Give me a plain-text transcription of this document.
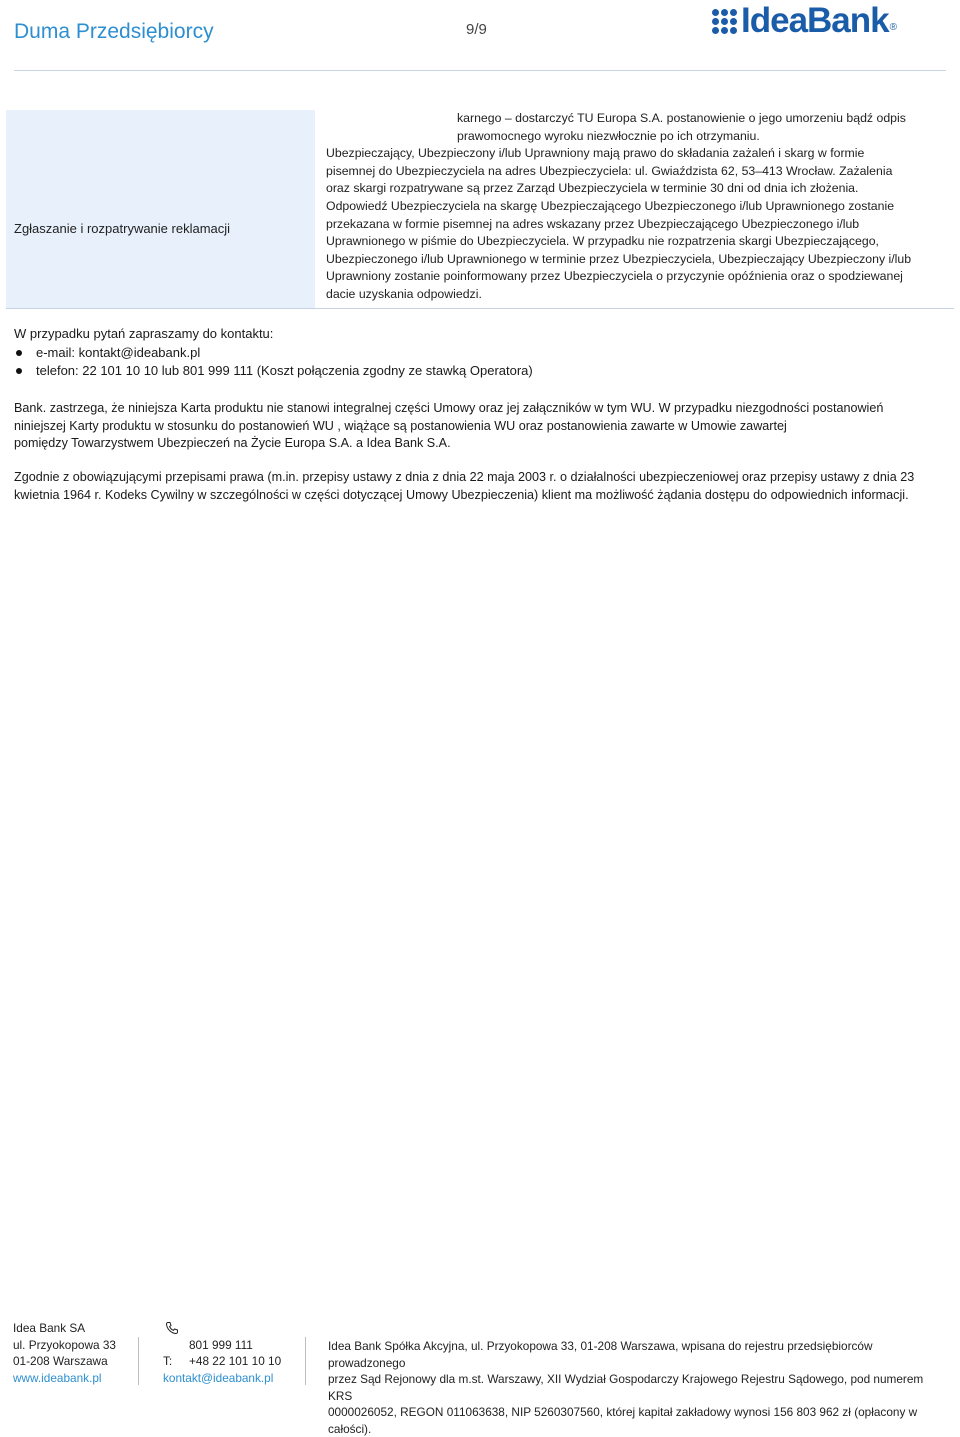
Duma Przedsiębiorcy	9/9	IdeaBank ®
Zgłaszanie i rozpatrywanie reklamacji

karnego – dostarczyć TU Europa S.A. postanowienie o jego umorzeniu bądź odpis

prawomocnego wyroku niezwłocznie po ich otrzymaniu.

Ubezpieczający, Ubezpieczony i/lub Uprawniony mają prawo do składania zażaleń i skarg w formie

pisemnej do Ubezpieczyciela na adres Ubezpieczyciela: ul. Gwiaździsta 62, 53–413 Wrocław. Zażalenia

oraz skargi rozpatrywane są przez Zarząd Ubezpieczyciela w terminie 30 dni od dnia ich złożenia.

Odpowiedź Ubezpieczyciela na skargę Ubezpieczającego Ubezpieczonego i/lub Uprawnionego zostanie

przekazana w formie pisemnej na adres wskazany przez Ubezpieczającego Ubezpieczonego i/lub

Uprawnionego w piśmie do Ubezpieczyciela. W przypadku nie rozpatrzenia skargi Ubezpieczającego,

Ubezpieczonego i/lub Uprawnionego w terminie przez Ubezpieczyciela, Ubezpieczający Ubezpieczony i/lub

Uprawniony zostanie poinformowany przez Ubezpieczyciela o przyczynie opóźnienia oraz o spodziewanej

dacie uzyskania odpowiedzi.

W przypadku pytań zapraszamy do kontaktu:
e-mail: kontakt@ideabank.pl
telefon: 22 101 10 10 lub 801 999 111 (Koszt połączenia zgodny ze stawką Operatora)

Bank. zastrzega, że niniejsza Karta produktu nie stanowi integralnej części Umowy oraz jej załączników w tym WU. W przypadku niezgodności postanowień

niniejszej Karty produktu w stosunku do postanowień WU , wiążące są postanowienia WU oraz postanowienia zawarte w Umowie zawartej

pomiędzy Towarzystwem Ubezpieczeń na Życie Europa S.A. a Idea Bank S.A.

Zgodnie z obowiązującymi przepisami prawa (m.in. przepisy ustawy z dnia z dnia 22 maja 2003 r. o działalności ubezpieczeniowej oraz przepisy ustawy z dnia 23

kwietnia 1964 r. Kodeks Cywilny w szczególności w części dotyczącej Umowy Ubezpieczenia) klient ma możliwość żądania dostępu do odpowiednich informacji.

Idea Bank SA
ul. Przyokopowa 33
01-208 Warszawa
www.ideabank.pl
801 999 111
T: +48 22 101 10 10
kontakt@ideabank.pl
Idea Bank Spółka Akcyjna, ul. Przyokopowa 33, 01-208 Warszawa, wpisana do rejestru przedsiębiorców prowadzonego
przez Sąd Rejonowy dla m.st. Warszawy, XII Wydział Gospodarczy Krajowego Rejestru Sądowego, pod numerem KRS
0000026052, REGON 011063638, NIP 5260307560, której kapitał zakładowy wynosi 156 803 962 zł (opłacony w
całości).
